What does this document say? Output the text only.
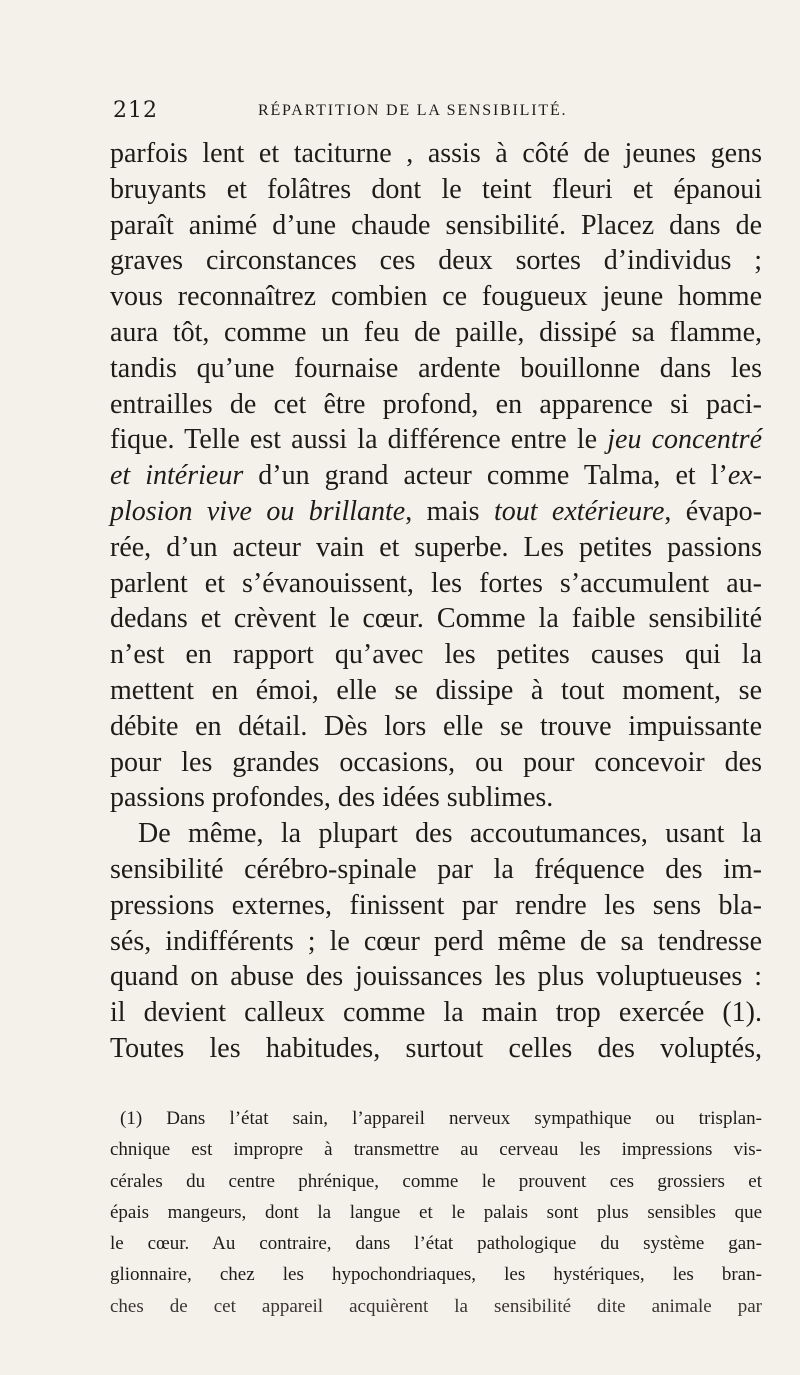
212	RÉPARTITION DE LA SENSIBILITÉ.
parfois lent et taciturne , assis à côté de jeunes gens
bruyants et folâtres dont le teint fleuri et épanoui
paraît animé d’une chaude sensibilité. Placez dans de
graves circonstances ces deux sortes d’individus ;
vous reconnaîtrez combien ce fougueux jeune homme
aura tôt, comme un feu de paille, dissipé sa flamme,
tandis qu’une fournaise ardente bouillonne dans les
entrailles de cet être profond, en apparence si paci-
fique. Telle est aussi la différence entre le jeu concentré
et intérieur d’un grand acteur comme Talma, et l’ex-
plosion vive ou brillante, mais tout extérieure, évapo-
rée, d’un acteur vain et superbe. Les petites passions
parlent et s’évanouissent, les fortes s’accumulent au-
dedans et crèvent le cœur. Comme la faible sensibilité
n’est en rapport qu’avec les petites causes qui la
mettent en émoi, elle se dissipe à tout moment, se
débite en détail. Dès lors elle se trouve impuissante
pour les grandes occasions, ou pour concevoir des
passions profondes, des idées sublimes.
De même, la plupart des accoutumances, usant la
sensibilité cérébro-spinale par la fréquence des im-
pressions externes, finissent par rendre les sens bla-
sés, indifférents ; le cœur perd même de sa tendresse
quand on abuse des jouissances les plus voluptueuses :
il devient calleux comme la main trop exercée (1).
Toutes les habitudes, surtout celles des voluptés,
(1) Dans l’état sain, l’appareil nerveux sympathique ou trisplan-
chnique est impropre à transmettre au cerveau les impressions vis-
cérales du centre phrénique, comme le prouvent ces grossiers et
épais mangeurs, dont la langue et le palais sont plus sensibles que
le cœur. Au contraire, dans l’état pathologique du système gan-
glionnaire, chez les hypochondriaques, les hystériques, les bran-
ches de cet appareil acquièrent la sensibilité dite animale par
